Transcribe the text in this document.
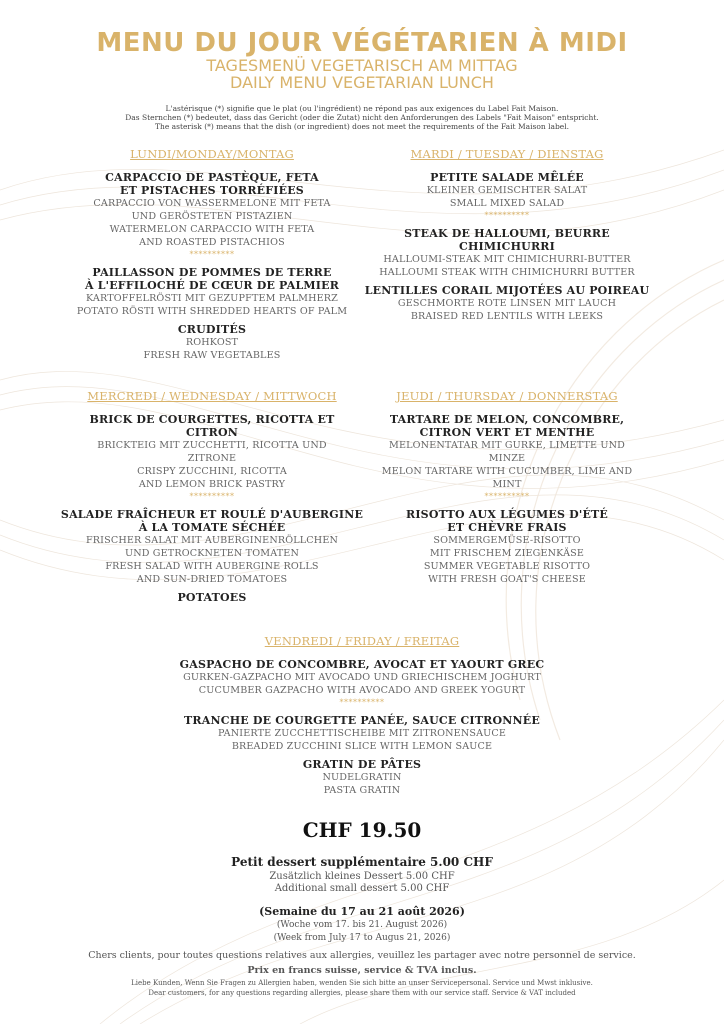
MENU DU JOUR VÉGÉTARIEN À MIDI
TAGESMENÜ VEGETARISCH AM MITTAG
DAILY MENU VEGETARIAN LUNCH
L'astérisque (*) signifie que le plat (ou l'ingrédient) ne répond pas aux exigences du Label Fait Maison.
Das Sternchen (*) bedeutet, dass das Gericht (oder die Zutat) nicht den Anforderungen des Labels "Fait Maison" entspricht.
The asterisk (*) means that the dish (or ingredient) does not meet the requirements of the Fait Maison label.
LUNDI/MONDAY/MONTAG
CARPACCIO DE PASTÈQUE, FETA
ET PISTACHES TORRÉFIÉES
CARPACCIO VON WASSERMELONE MIT FETA
UND GERÖSTETEN PISTAZIEN
WATERMELON CARPACCIO WITH FETA
AND ROASTED PISTACHIOS
**********
PAILLASSON DE POMMES DE TERRE
À L'EFFILOCHÉ DE CŒUR DE PALMIER
KARTOFFELRÖSTI MIT GEZUPFTEM PALMHERZ
POTATO RÖSTI WITH SHREDDED HEARTS OF PALM
CRUDITÉS
ROHKOST
FRESH RAW VEGETABLES
MARDI / TUESDAY / DIENSTAG
PETITE SALADE MÊLÉE
KLEINER GEMISCHTER SALAT
SMALL MIXED SALAD
**********
STEAK DE HALLOUMI, BEURRE
CHIMICHURRI
HALLOUMI-STEAK MIT CHIMICHURRI-BUTTER
HALLOUMI STEAK WITH CHIMICHURRI BUTTER
LENTILLES CORAIL MIJOTÉES AU POIREAU
GESCHMORTE ROTE LINSEN MIT LAUCH
BRAISED RED LENTILS WITH LEEKS
MERCREDI / WEDNESDAY / MITTWOCH
BRICK DE COURGETTES, RICOTTA ET
CITRON
BRICKTEIG MIT ZUCCHETTI, RICOTTA UND
ZITRONE
CRISPY ZUCCHINI, RICOTTA
AND LEMON BRICK PASTRY
**********
SALADE FRAÎCHEUR ET ROULÉ D'AUBERGINE
À LA TOMATE SÉCHÉE
FRISCHER SALAT MIT AUBERGINENRÖLLCHEN
UND GETROCKNETEN TOMATEN
FRESH SALAD WITH AUBERGINE ROLLS
AND SUN-DRIED TOMATOES
POTATOES
JEUDI / THURSDAY / DONNERSTAG
TARTARE DE MELON, CONCOMBRE,
CITRON VERT ET MENTHE
MELONENTATAR MIT GURKE, LIMETTE UND
MINZE
MELON TARTARE WITH CUCUMBER, LIME AND
MINT
**********
RISOTTO AUX LÉGUMES D'ÉTÉ
ET CHÈVRE FRAIS
SOMMERGEMÜSE-RISOTTO
MIT FRISCHEM ZIEGENKÄSE
SUMMER VEGETABLE RISOTTO
WITH FRESH GOAT'S CHEESE
VENDREDI / FRIDAY / FREITAG
GASPACHO DE CONCOMBRE, AVOCAT ET YAOURT GREC
GURKEN-GAZPACHO MIT AVOCADO UND GRIECHISCHEM JOGHURT
CUCUMBER GAZPACHO WITH AVOCADO AND GREEK YOGURT
**********
TRANCHE DE COURGETTE PANÉE, SAUCE CITRONNÉE
PANIERTE ZUCCHETTISCHEIBE MIT ZITRONENSAUCE
BREADED ZUCCHINI SLICE WITH LEMON SAUCE
GRATIN DE PÂTES
NUDELGRATIN
PASTA GRATIN
CHF 19.50
Petit dessert supplémentaire 5.00 CHF
Zusätzlich kleines Dessert 5.00 CHF
Additional small dessert 5.00 CHF
(Semaine du 17 au 21 août 2026)
(Woche vom 17. bis 21. August 2026)
(Week from July 17 to Augus 21, 2026)
Chers clients, pour toutes questions relatives aux allergies, veuillez les partager avec notre personnel de service.
Prix en francs suisse, service & TVA inclus.
Liebe Kunden, Wenn Sie Fragen zu Allergien haben, wenden Sie sich bitte an unser Servicepersonal. Service und Mwst inklusive.
Dear customers, for any questions regarding allergies, please share them with our service staff. Service & VAT included
